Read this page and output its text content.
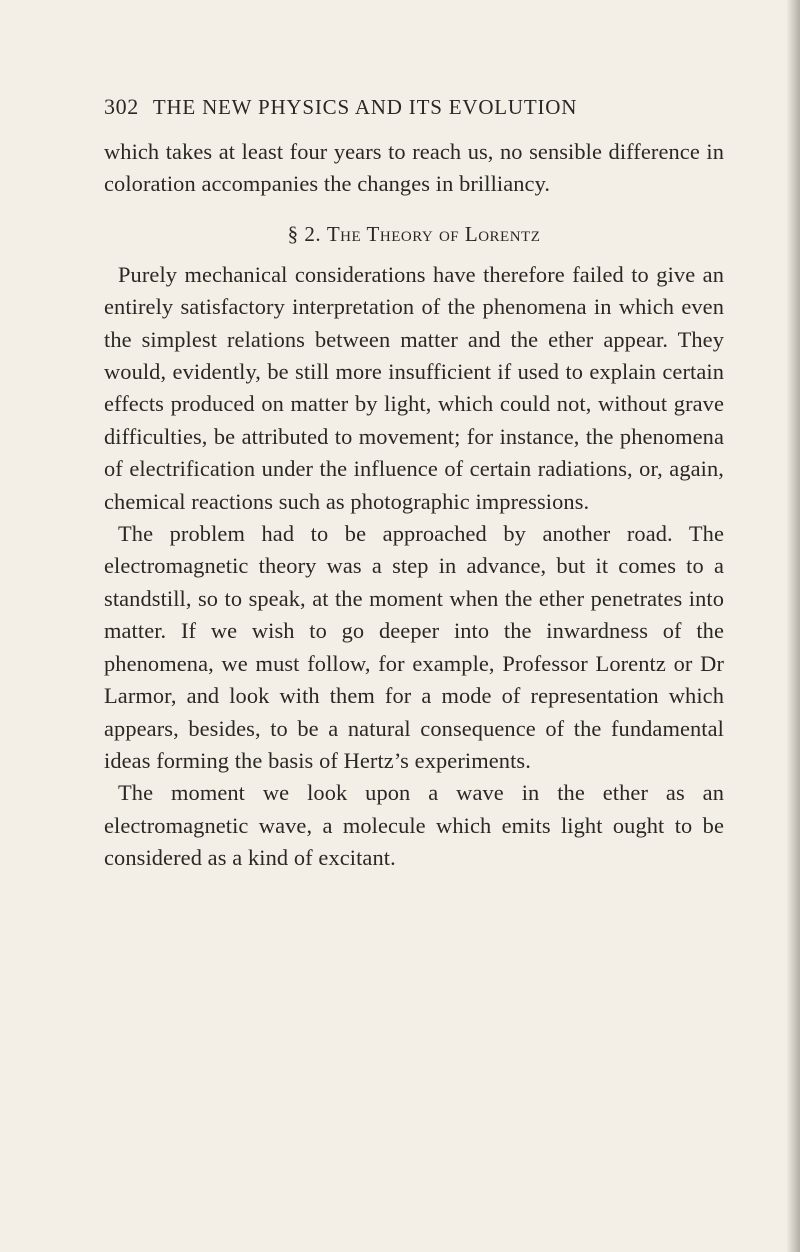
302 THE NEW PHYSICS AND ITS EVOLUTION

which takes at least four years to reach us, no sensible difference in coloration accompanies the changes in brilliancy.

§ 2. The Theory of Lorentz

Purely mechanical considerations have therefore failed to give an entirely satisfactory interpretation of the phenomena in which even the simplest relations between matter and the ether appear. They would, evidently, be still more insufficient if used to explain certain effects produced on matter by light, which could not, without grave difficulties, be attributed to movement; for instance, the phenomena of electrification under the influence of certain radiations, or, again, chemical reactions such as photographic impressions.

The problem had to be approached by another road. The electromagnetic theory was a step in advance, but it comes to a standstill, so to speak, at the moment when the ether penetrates into matter. If we wish to go deeper into the inwardness of the phenomena, we must follow, for example, Professor Lorentz or Dr Larmor, and look with them for a mode of representation which appears, besides, to be a natural consequence of the fundamental ideas forming the basis of Hertz’s experiments.

The moment we look upon a wave in the ether as an electromagnetic wave, a molecule which emits light ought to be considered as a kind of excitant.
